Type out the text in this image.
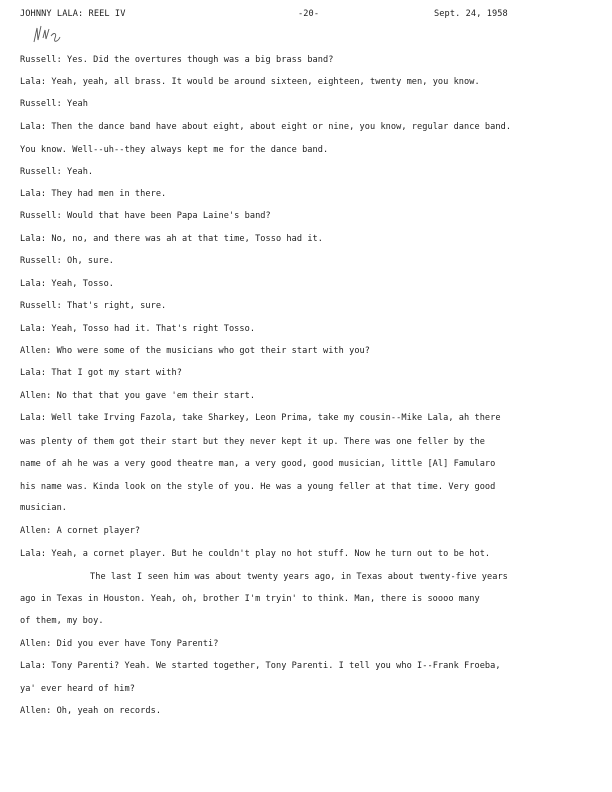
JOHNNY LALA: REEL IV	-20-	Sept. 24, 1958
Russell: Yes. Did the overtures though was a big brass band?
Lala: Yeah, yeah, all brass. It would be around sixteen, eighteen, twenty men, you know.
Russell: Yeah
Lala: Then the dance band have about eight, about eight or nine, you know, regular dance band.
You know. Well--uh--they always kept me for the dance band.
Russell: Yeah.
Lala: They had men in there.
Russell: Would that have been Papa Laine's band?
Lala: No, no, and there was ah at that time, Tosso had it.
Russell: Oh, sure.
Lala: Yeah, Tosso.
Russell: That's right, sure.
Lala: Yeah, Tosso had it. That's right Tosso.
Allen: Who were some of the musicians who got their start with you?
Lala: That I got my start with?
Allen: No that that you gave 'em their start.
Lala: Well take Irving Fazola, take Sharkey, Leon Prima, take my cousin--Mike Lala, ah there
was plenty of them got their start but they never kept it up. There was one feller by the
name of ah he was a very good theatre man, a very good, good musician, little [Al] Famularo
his name was. Kinda look on the style of you. He was a young feller at that time. Very good
musician.
Allen: A cornet player?
Lala: Yeah, a cornet player. But he couldn't play no hot stuff. Now he turn out to be hot.
The last I seen him was about twenty years ago, in Texas about twenty-five years
ago in Texas in Houston. Yeah, oh, brother I'm tryin' to think. Man, there is soooo many
of them, my boy.
Allen: Did you ever have Tony Parenti?
Lala: Tony Parenti? Yeah. We started together, Tony Parenti. I tell you who I--Frank Froeba,
ya' ever heard of him?
Allen: Oh, yeah on records.
